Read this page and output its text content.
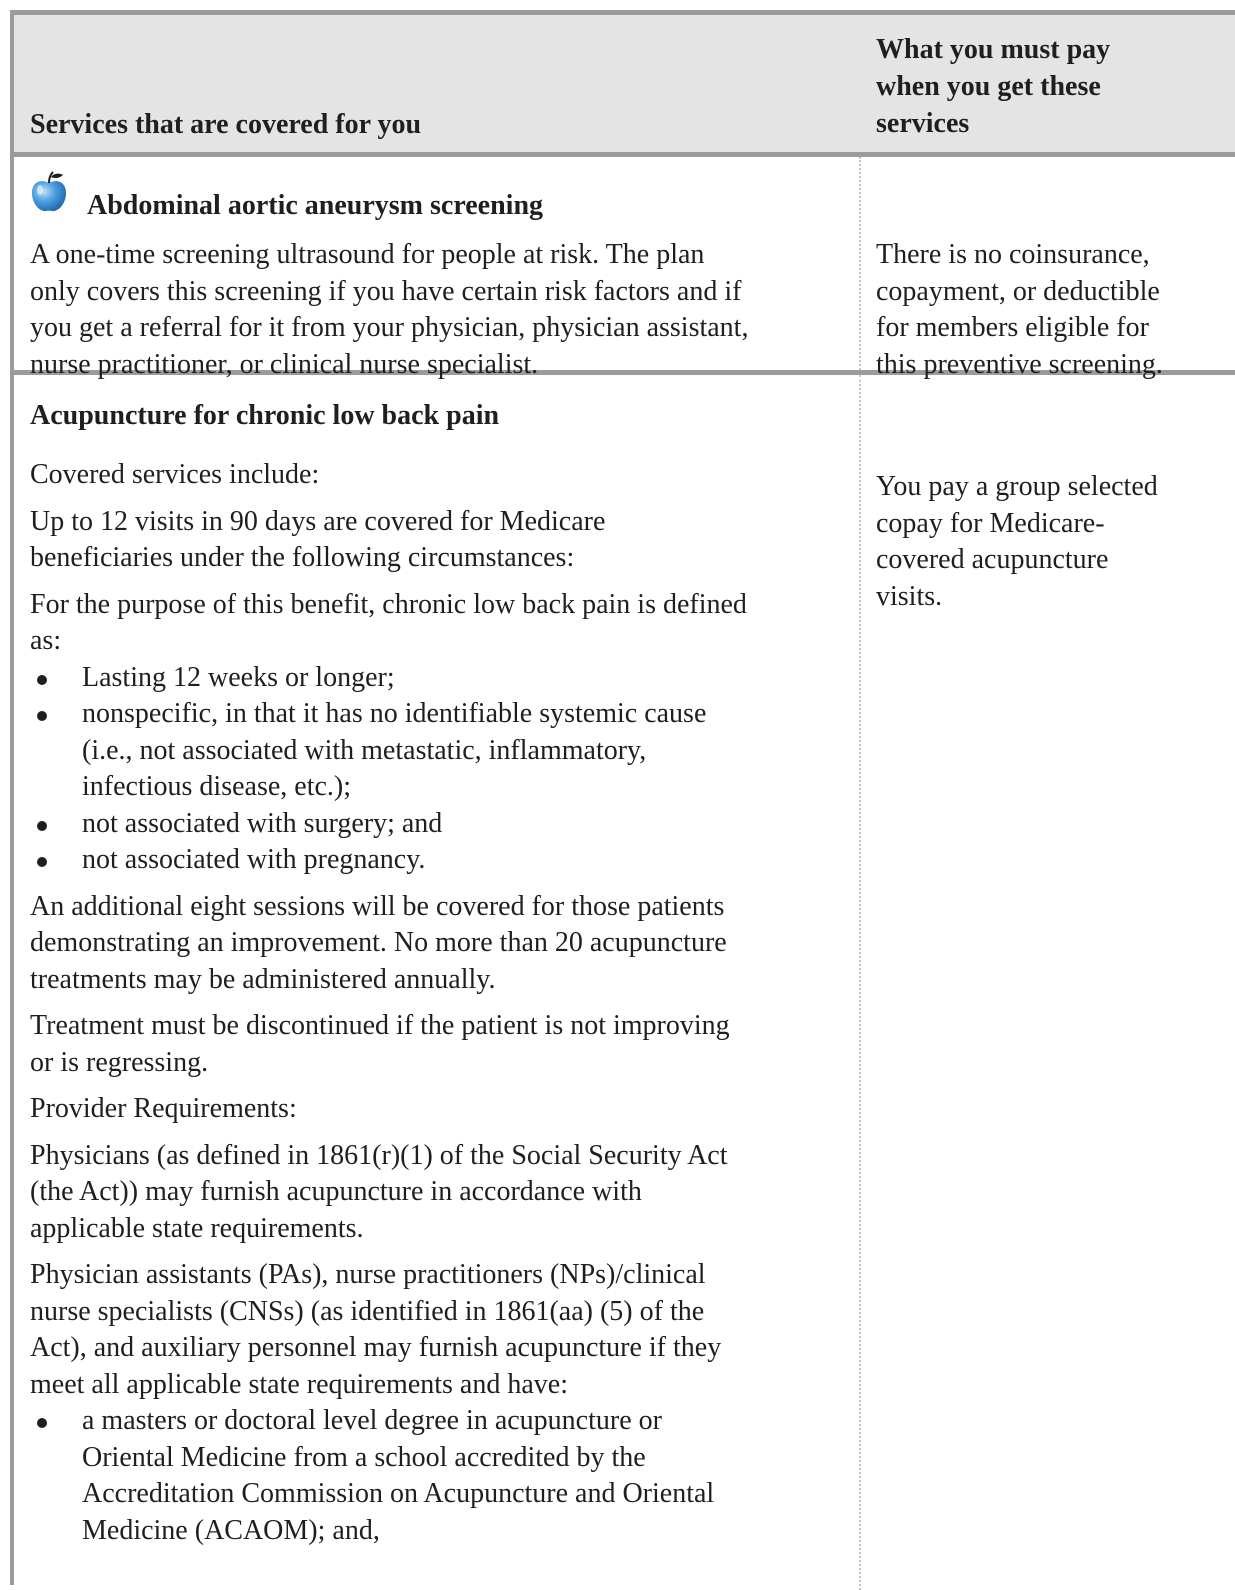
Services that are covered for you
What you must pay
when you get these
services
Abdominal aortic aneurysm screening

A one-time screening ultrasound for people at risk. The plan

only covers this screening if you have certain risk factors and if

you get a referral for it from your physician, physician assistant,

nurse practitioner, or clinical nurse specialist.

There is no coinsurance,
copayment, or deductible
for members eligible for
this preventive screening.
Acupuncture for chronic low back pain

Covered services include:

Up to 12 visits in 90 days are covered for Medicare

beneficiaries under the following circumstances:

For the purpose of this benefit, chronic low back pain is defined

as:

Lasting 12 weeks or longer;
nonspecific, in that it has no identifiable systemic cause
(i.e., not associated with metastatic, inflammatory,
infectious disease, etc.);
not associated with surgery; and
not associated with pregnancy.

An additional eight sessions will be covered for those patients

demonstrating an improvement. No more than 20 acupuncture

treatments may be administered annually.

Treatment must be discontinued if the patient is not improving

or is regressing.

Provider Requirements:

Physicians (as defined in 1861(r)(1) of the Social Security Act

(the Act)) may furnish acupuncture in accordance with

applicable state requirements.

Physician assistants (PAs), nurse practitioners (NPs)/clinical

nurse specialists (CNSs) (as identified in 1861(aa) (5) of the

Act), and auxiliary personnel may furnish acupuncture if they

meet all applicable state requirements and have:

a masters or doctoral level degree in acupuncture or
Oriental Medicine from a school accredited by the
Accreditation Commission on Acupuncture and Oriental
Medicine (ACAOM); and,
You pay a group selected
copay for Medicare-
covered acupuncture
visits.
